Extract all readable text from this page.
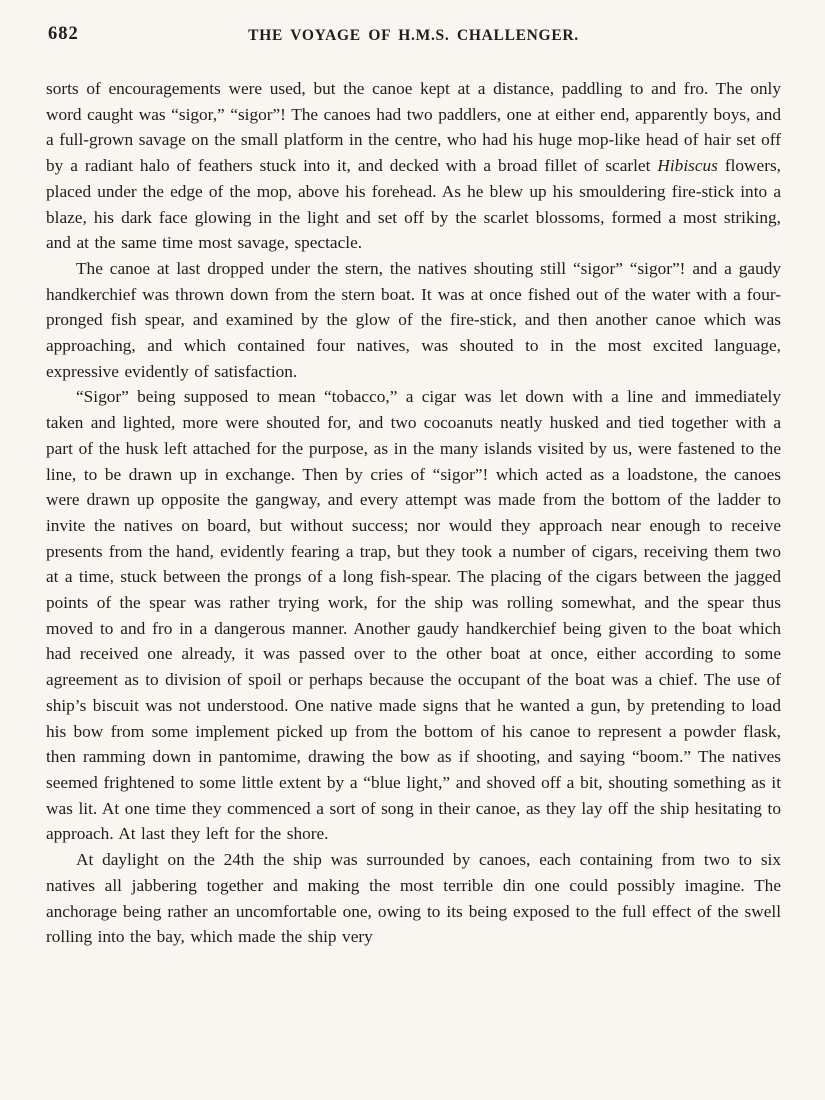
682	THE VOYAGE OF H.M.S. CHALLENGER.

sorts of encouragements were used, but the canoe kept at a distance, paddling to and fro. The only word caught was “sigor,” “sigor”! The canoes had two paddlers, one at either end, apparently boys, and a full-grown savage on the small platform in the centre, who had his huge mop-like head of hair set off by a radiant halo of feathers stuck into it, and decked with a broad fillet of scarlet Hibiscus flowers, placed under the edge of the mop, above his forehead. As he blew up his smouldering fire-stick into a blaze, his dark face glowing in the light and set off by the scarlet blossoms, formed a most striking, and at the same time most savage, spectacle.

The canoe at last dropped under the stern, the natives shouting still “sigor” “sigor”! and a gaudy handkerchief was thrown down from the stern boat. It was at once fished out of the water with a four-pronged fish spear, and examined by the glow of the fire-stick, and then another canoe which was approaching, and which contained four natives, was shouted to in the most excited language, expressive evidently of satisfaction.

“Sigor” being supposed to mean “tobacco,” a cigar was let down with a line and immediately taken and lighted, more were shouted for, and two cocoanuts neatly husked and tied together with a part of the husk left attached for the purpose, as in the many islands visited by us, were fastened to the line, to be drawn up in exchange. Then by cries of “sigor”! which acted as a loadstone, the canoes were drawn up opposite the gangway, and every attempt was made from the bottom of the ladder to invite the natives on board, but without success; nor would they approach near enough to receive presents from the hand, evidently fearing a trap, but they took a number of cigars, receiving them two at a time, stuck between the prongs of a long fish-spear. The placing of the cigars between the jagged points of the spear was rather trying work, for the ship was rolling somewhat, and the spear thus moved to and fro in a dangerous manner. Another gaudy handkerchief being given to the boat which had received one already, it was passed over to the other boat at once, either according to some agreement as to division of spoil or perhaps because the occupant of the boat was a chief. The use of ship’s biscuit was not understood. One native made signs that he wanted a gun, by pretending to load his bow from some implement picked up from the bottom of his canoe to represent a powder flask, then ramming down in pantomime, drawing the bow as if shooting, and saying “boom.” The natives seemed frightened to some little extent by a “blue light,” and shoved off a bit, shouting something as it was lit. At one time they commenced a sort of song in their canoe, as they lay off the ship hesitating to approach. At last they left for the shore.

At daylight on the 24th the ship was surrounded by canoes, each containing from two to six natives all jabbering together and making the most terrible din one could possibly imagine. The anchorage being rather an uncomfortable one, owing to its being exposed to the full effect of the swell rolling into the bay, which made the ship very
